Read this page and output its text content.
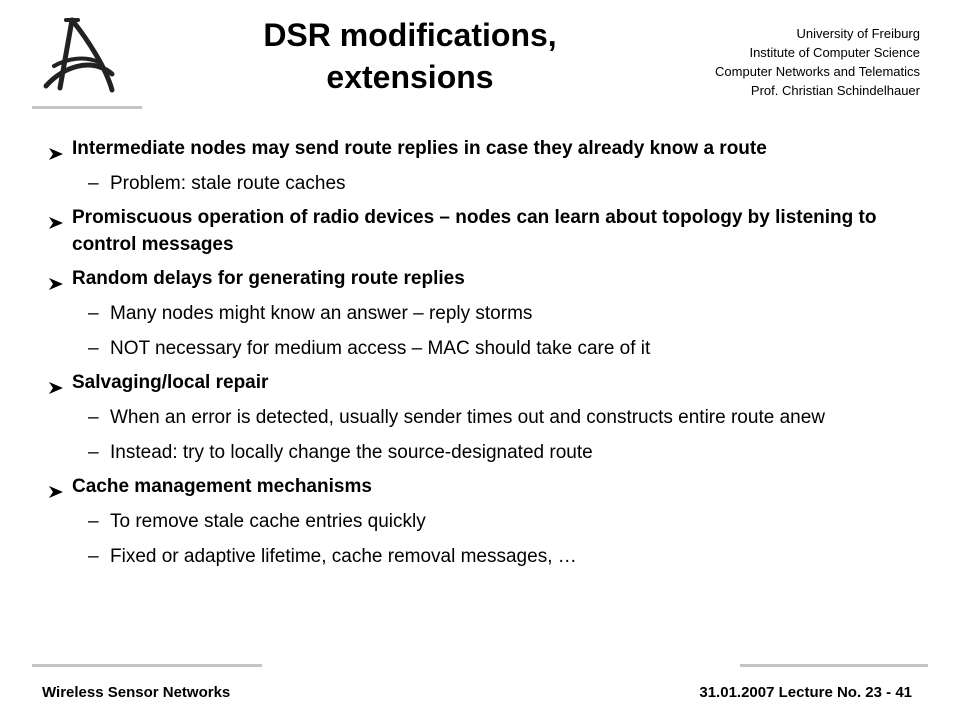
DSR modifications,
extensions
University of Freiburg
Institute of Computer Science
Computer Networks and Telematics
Prof. Christian Schindelhauer
Intermediate nodes may send route replies in case they already know a route
– Problem: stale route caches
Promiscuous operation of radio devices – nodes can learn about topology by listening to control messages
Random delays for generating route replies
– Many nodes might know an answer – reply storms
– NOT necessary for medium access – MAC should take care of it
Salvaging/local repair
– When an error is detected, usually sender times out and constructs entire route anew
– Instead: try to locally change the source-designated route
Cache management mechanisms
– To remove stale cache entries quickly
– Fixed or adaptive lifetime, cache removal messages, …
Wireless Sensor Networks	31.01.2007 Lecture No. 23 - 41
